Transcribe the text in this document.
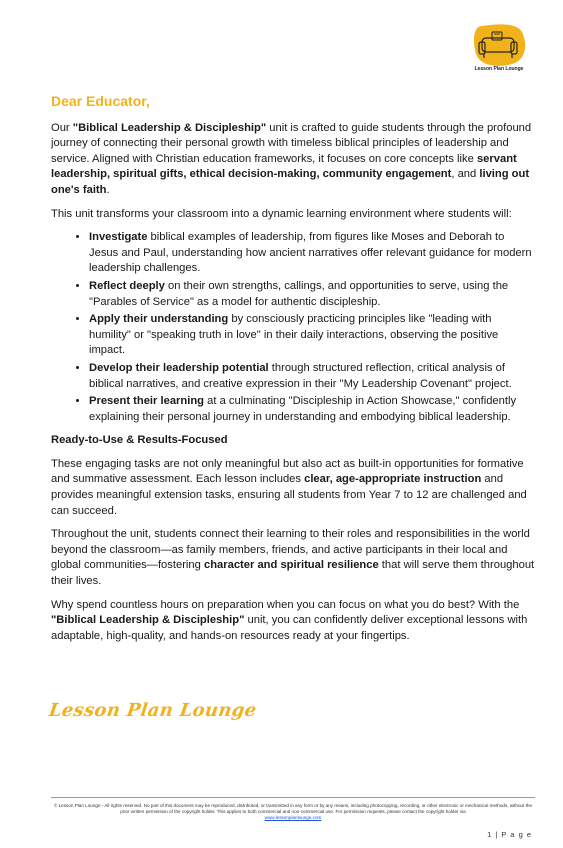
Lesson Plan Lounge
Dear Educator,

Our "Biblical Leadership & Discipleship" unit is crafted to guide students through the profound journey of connecting their personal growth with timeless biblical principles of leadership and service. Aligned with Christian education frameworks, it focuses on core concepts like servant leadership, spiritual gifts, ethical decision-making, community engagement, and living out one's faith.

This unit transforms your classroom into a dynamic learning environment where students will:

• Investigate biblical examples of leadership, from figures like Moses and Deborah to Jesus and Paul, understanding how ancient narratives offer relevant guidance for modern leadership challenges.
• Reflect deeply on their own strengths, callings, and opportunities to serve, using the "Parables of Service" as a model for authentic discipleship.
• Apply their understanding by consciously practicing principles like "leading with humility" or "speaking truth in love" in their daily interactions, observing the positive impact.
• Develop their leadership potential through structured reflection, critical analysis of biblical narratives, and creative expression in their "My Leadership Covenant" project.
• Present their learning at a culminating "Discipleship in Action Showcase," confidently explaining their personal journey in understanding and embodying biblical leadership.
Ready-to-Use & Results-Focused

These engaging tasks are not only meaningful but also act as built-in opportunities for formative and summative assessment. Each lesson includes clear, age-appropriate instruction and provides meaningful extension tasks, ensuring all students from Year 7 to 12 are challenged and can succeed.

Throughout the unit, students connect their learning to their roles and responsibilities in the world beyond the classroom—as family members, friends, and active participants in their local and global communities—fostering character and spiritual resilience that will serve them throughout their lives.

Why spend countless hours on preparation when you can focus on what you do best? With the "Biblical Leadership & Discipleship" unit, you can confidently deliver exceptional lessons with adaptable, high-quality, and hands-on resources ready at your fingertips.

Lesson Plan Lounge
© Lesson Plan Lounge - All rights reserved. No part of this document may be reproduced, distributed, or transmitted in any form or by any means, including photocopying, recording, or other electronic or mechanical methods, without the prior written permission of the copyright holder. This applies to both commercial and non-commercial use. For permission requests, please contact the copyright holder via
www.lessonplanlounge.com
1 | P a g e
